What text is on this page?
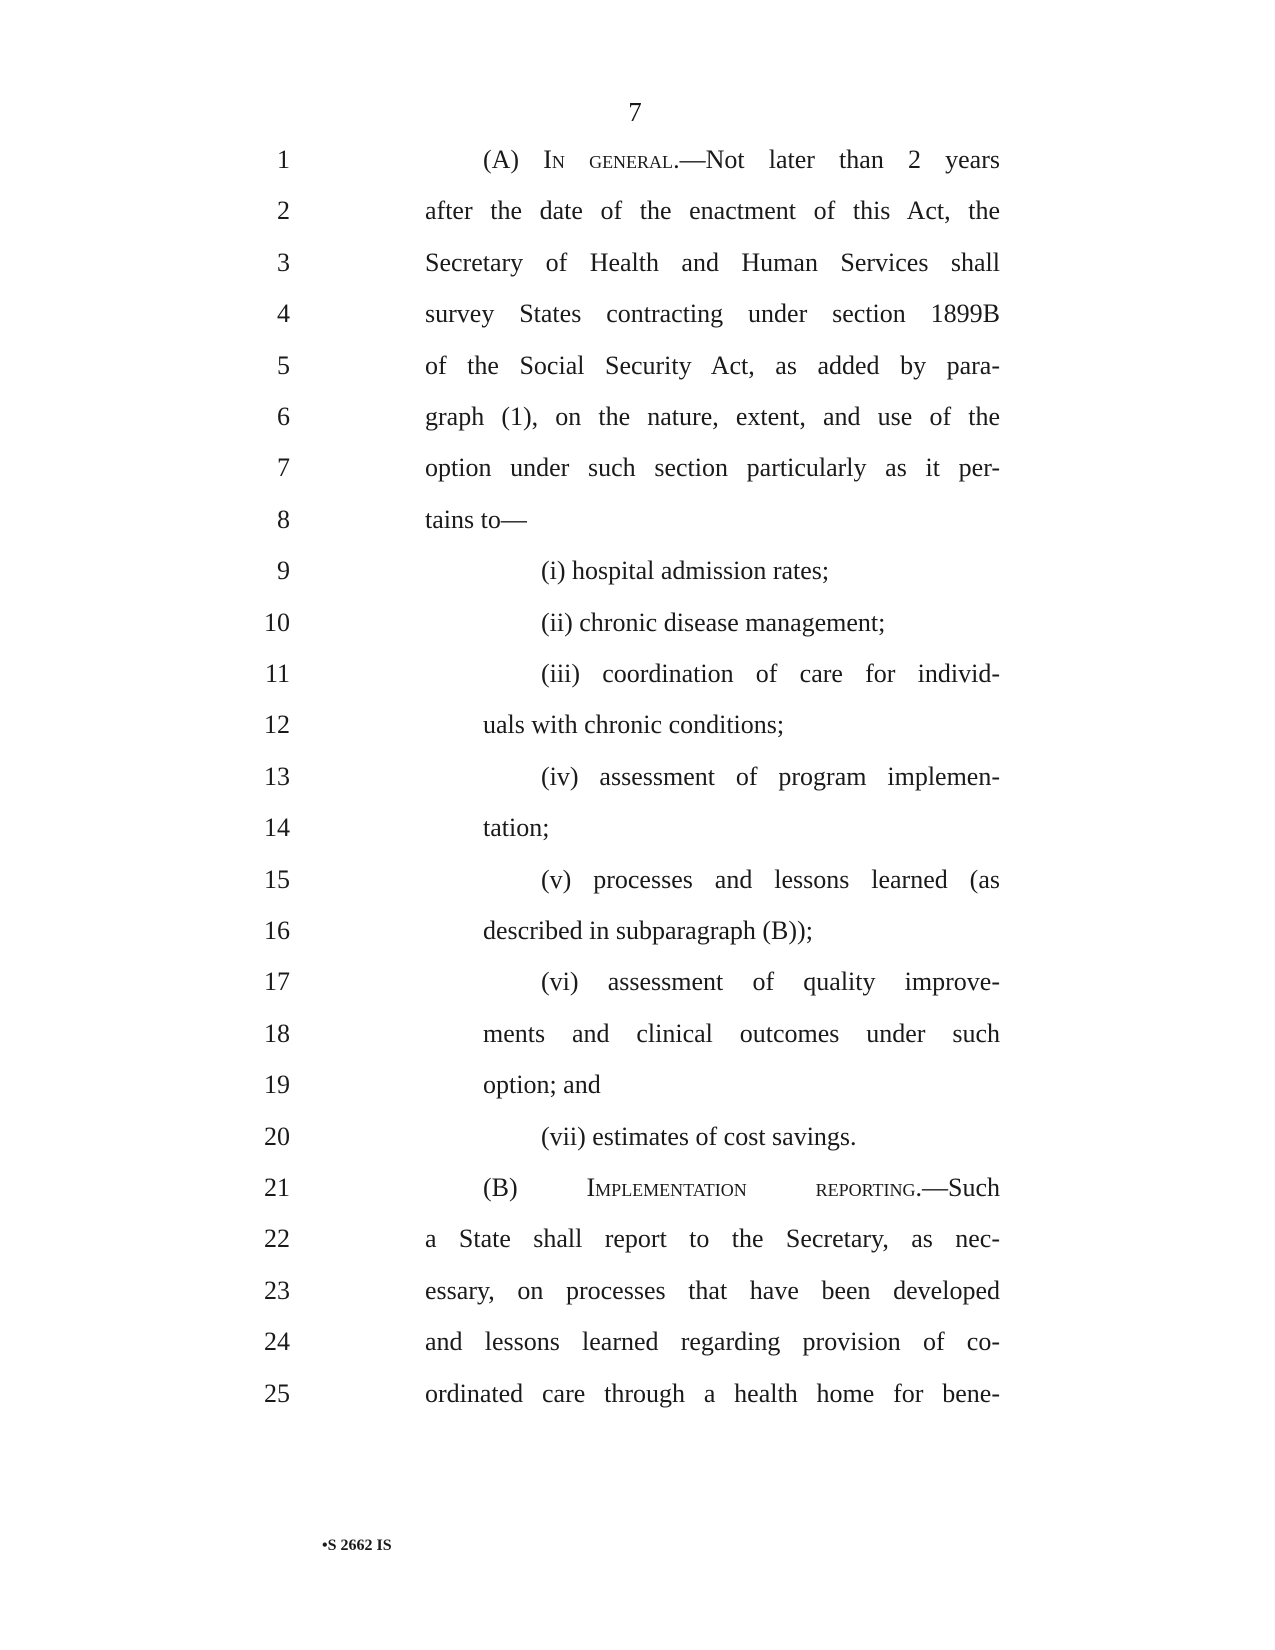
7
1	(A) In general.—Not later than 2 years
2	after the date of the enactment of this Act, the
3	Secretary of Health and Human Services shall
4	survey States contracting under section 1899B
5	of the Social Security Act, as added by para-
6	graph (1), on the nature, extent, and use of the
7	option under such section particularly as it per-
8	tains to—
9	(i) hospital admission rates;
10	(ii) chronic disease management;
11	(iii) coordination of care for individ-
12	uals with chronic conditions;
13	(iv) assessment of program implemen-
14	tation;
15	(v) processes and lessons learned (as
16	described in subparagraph (B));
17	(vi) assessment of quality improve-
18	ments and clinical outcomes under such
19	option; and
20	(vii) estimates of cost savings.
21	(B) Implementation reporting.—Such
22	a State shall report to the Secretary, as nec-
23	essary, on processes that have been developed
24	and lessons learned regarding provision of co-
25	ordinated care through a health home for bene-
•S 2662 IS
